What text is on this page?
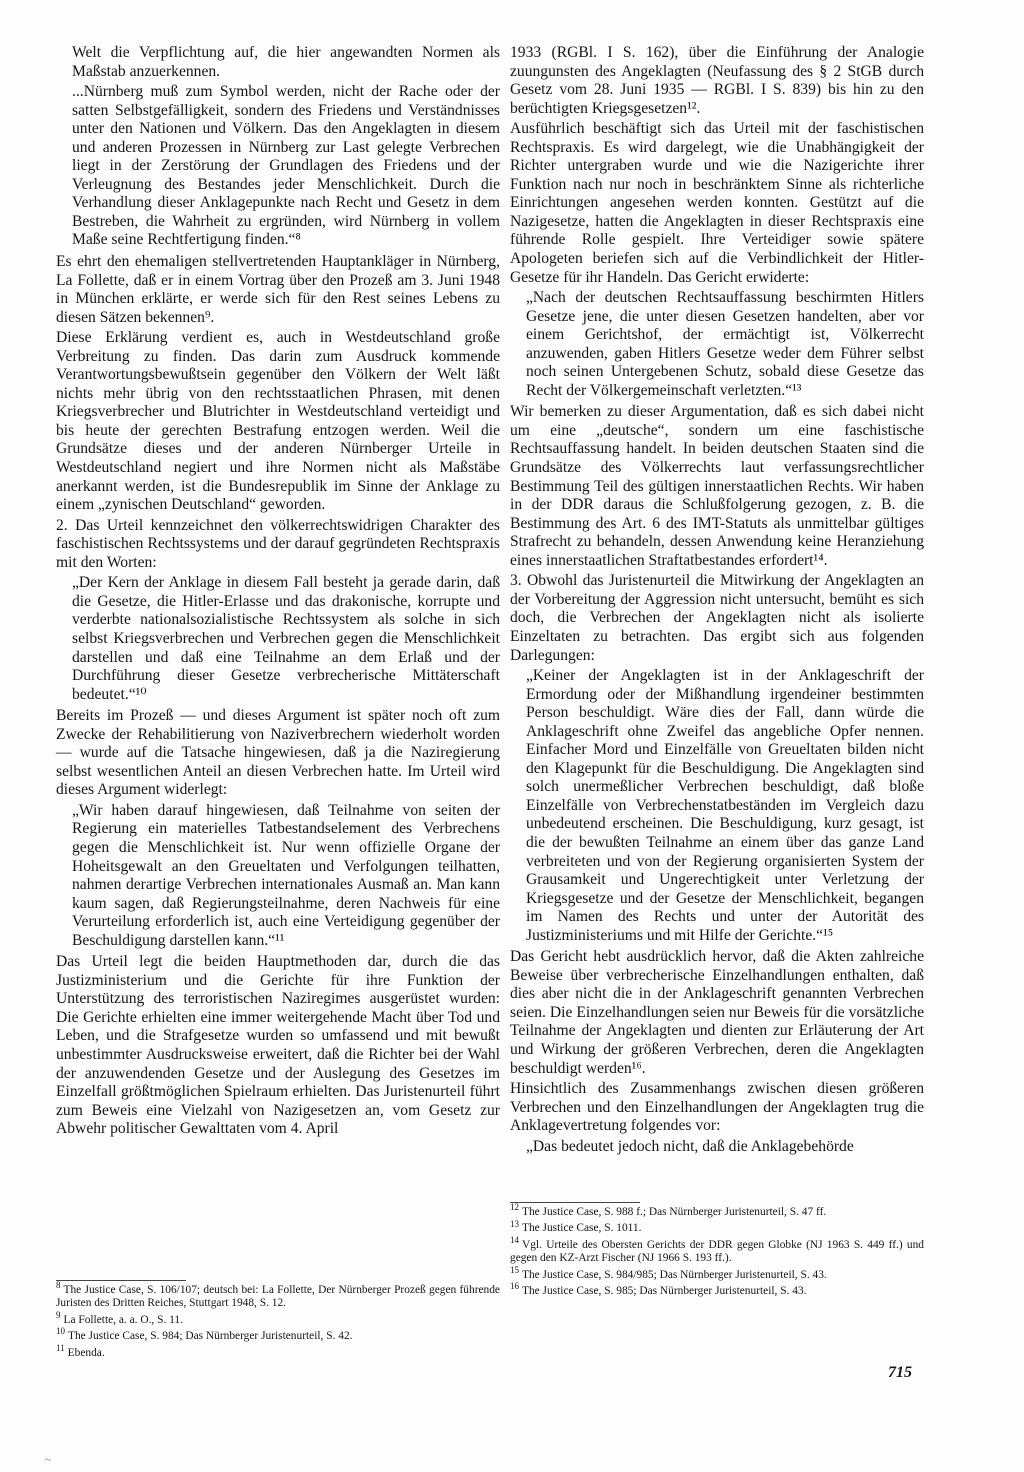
Welt die Verpflichtung auf, die hier angewandten Normen als Maßstab anzuerkennen.

...Nürnberg muß zum Symbol werden, nicht der Rache oder der satten Selbstgefälligkeit, sondern des Friedens und Verständnisses unter den Nationen und Völkern. Das den Angeklagten in diesem und anderen Prozessen in Nürnberg zur Last gelegte Verbrechen liegt in der Zerstörung der Grundlagen des Friedens und der Verleugnung des Bestandes jeder Menschlichkeit. Durch die Verhandlung dieser Anklagepunkte nach Recht und Gesetz in dem Bestreben, die Wahrheit zu ergründen, wird Nürnberg in vollem Maße seine Rechtfertigung finden.“⁸

Es ehrt den ehemaligen stellvertretenden Hauptankläger in Nürnberg, La Follette, daß er in einem Vortrag über den Prozeß am 3. Juni 1948 in München erklärte, er werde sich für den Rest seines Lebens zu diesen Sätzen bekennen⁹.

Diese Erklärung verdient es, auch in Westdeutschland große Verbreitung zu finden. Das darin zum Ausdruck kommende Verantwortungsbewußtsein gegenüber den Völkern der Welt läßt nichts mehr übrig von den rechtsstaatlichen Phrasen, mit denen Kriegsverbrecher und Blutrichter in Westdeutschland verteidigt und bis heute der gerechten Bestrafung entzogen werden. Weil die Grundsätze dieses und der anderen Nürnberger Urteile in Westdeutschland negiert und ihre Normen nicht als Maßstäbe anerkannt werden, ist die Bundesrepublik im Sinne der Anklage zu einem „zynischen Deutschland“ geworden.

2. Das Urteil kennzeichnet den völkerrechtswidrigen Charakter des faschistischen Rechtssystems und der darauf gegründeten Rechtspraxis mit den Worten:

„Der Kern der Anklage in diesem Fall besteht ja gerade darin, daß die Gesetze, die Hitler-Erlasse und das drakonische, korrupte und verderbte nationalsozialistische Rechtssystem als solche in sich selbst Kriegsverbrechen und Verbrechen gegen die Menschlichkeit darstellen und daß eine Teilnahme an dem Erlaß und der Durchführung dieser Gesetze verbrecherische Mittäterschaft bedeutet.“¹⁰

Bereits im Prozeß — und dieses Argument ist später noch oft zum Zwecke der Rehabilitierung von Naziverbrechern wiederholt worden — wurde auf die Tatsache hingewiesen, daß ja die Naziregierung selbst wesentlichen Anteil an diesen Verbrechen hatte. Im Urteil wird dieses Argument widerlegt:

„Wir haben darauf hingewiesen, daß Teilnahme von seiten der Regierung ein materielles Tatbestandselement des Verbrechens gegen die Menschlichkeit ist. Nur wenn offizielle Organe der Hoheitsgewalt an den Greueltaten und Verfolgungen teilhatten, nahmen derartige Verbrechen internationales Ausmaß an. Man kann kaum sagen, daß Regierungsteilnahme, deren Nachweis für eine Verurteilung erforderlich ist, auch eine Verteidigung gegenüber der Beschuldigung darstellen kann.“¹¹

Das Urteil legt die beiden Hauptmethoden dar, durch die das Justizministerium und die Gerichte für ihre Funktion der Unterstützung des terroristischen Naziregimes ausgerüstet wurden: Die Gerichte erhielten eine immer weitergehende Macht über Tod und Leben, und die Strafgesetze wurden so umfassend und mit bewußt unbestimmter Ausdrucksweise erweitert, daß die Richter bei der Wahl der anzuwendenden Gesetze und der Auslegung des Gesetzes im Einzelfall größtmöglichen Spielraum erhielten. Das Juristenurteil führt zum Beweis eine Vielzahl von Nazigesetzen an, vom Gesetz zur Abwehr politischer Gewalttaten vom 4. April

1933 (RGBl. I S. 162), über die Einführung der Analogie zuungunsten des Angeklagten (Neufassung des § 2 StGB durch Gesetz vom 28. Juni 1935 — RGBl. I S. 839) bis hin zu den berüchtigten Kriegsgesetzen¹².

Ausführlich beschäftigt sich das Urteil mit der faschistischen Rechtspraxis. Es wird dargelegt, wie die Unabhängigkeit der Richter untergraben wurde und wie die Nazigerichte ihrer Funktion nach nur noch in beschränktem Sinne als richterliche Einrichtungen angesehen werden konnten. Gestützt auf die Nazigesetze, hatten die Angeklagten in dieser Rechtspraxis eine führende Rolle gespielt. Ihre Verteidiger sowie spätere Apologeten beriefen sich auf die Verbindlichkeit der Hitler-Gesetze für ihr Handeln. Das Gericht erwiderte:

„Nach der deutschen Rechtsauffassung beschirmten Hitlers Gesetze jene, die unter diesen Gesetzen handelten, aber vor einem Gerichtshof, der ermächtigt ist, Völkerrecht anzuwenden, gaben Hitlers Gesetze weder dem Führer selbst noch seinen Untergebenen Schutz, sobald diese Gesetze das Recht der Völkergemeinschaft verletzten.“¹³

Wir bemerken zu dieser Argumentation, daß es sich dabei nicht um eine „deutsche“, sondern um eine faschistische Rechtsauffassung handelt. In beiden deutschen Staaten sind die Grundsätze des Völkerrechts laut verfassungsrechtlicher Bestimmung Teil des gültigen innerstaatlichen Rechts. Wir haben in der DDR daraus die Schlußfolgerung gezogen, z. B. die Bestimmung des Art. 6 des IMT-Statuts als unmittelbar gültiges Strafrecht zu behandeln, dessen Anwendung keine Heranziehung eines innerstaatlichen Straftatbestandes erfordert¹⁴.

3. Obwohl das Juristenurteil die Mitwirkung der Angeklagten an der Vorbereitung der Aggression nicht untersucht, bemüht es sich doch, die Verbrechen der Angeklagten nicht als isolierte Einzeltaten zu betrachten. Das ergibt sich aus folgenden Darlegungen:

„Keiner der Angeklagten ist in der Anklageschrift der Ermordung oder der Mißhandlung irgendeiner bestimmten Person beschuldigt. Wäre dies der Fall, dann würde die Anklageschrift ohne Zweifel das angebliche Opfer nennen. Einfacher Mord und Einzelfälle von Greueltaten bilden nicht den Klagepunkt für die Beschuldigung. Die Angeklagten sind solch unermeßlicher Verbrechen beschuldigt, daß bloße Einzelfälle von Verbrechenstatbeständen im Vergleich dazu unbedeutend erscheinen. Die Beschuldigung, kurz gesagt, ist die der bewußten Teilnahme an einem über das ganze Land verbreiteten und von der Regierung organisierten System der Grausamkeit und Ungerechtigkeit unter Verletzung der Kriegsgesetze und der Gesetze der Menschlichkeit, begangen im Namen des Rechts und unter der Autorität des Justizministeriums und mit Hilfe der Gerichte.“¹⁵

Das Gericht hebt ausdrücklich hervor, daß die Akten zahlreiche Beweise über verbrecherische Einzelhandlungen enthalten, daß dies aber nicht die in der Anklageschrift genannten Verbrechen seien. Die Einzelhandlungen seien nur Beweis für die vorsätzliche Teilnahme der Angeklagten und dienten zur Erläuterung der Art und Wirkung der größeren Verbrechen, deren die Angeklagten beschuldigt werden¹⁶.

Hinsichtlich des Zusammenhangs zwischen diesen größeren Verbrechen und den Einzelhandlungen der Angeklagten trug die Anklagevertretung folgendes vor:

„Das bedeutet jedoch nicht, daß die Anklagebehörde

$^8$ The Justice Case, S. 106/107; deutsch bei: La Follette, Der Nürnberger Prozeß gegen führende Juristen des Dritten Reiches, Stuttgart 1948, S. 12.

$^9$ La Follette, a. a. O., S. 11.

$^{10}$ The Justice Case, S. 984; Das Nürnberger Juristenurteil, S. 42.

$^{11}$ Ebenda.

$^{12}$ The Justice Case, S. 988 f.; Das Nürnberger Juristenurteil, S. 47 ff.

$^{13}$ The Justice Case, S. 1011.

$^{14}$ Vgl. Urteile des Obersten Gerichts der DDR gegen Globke (NJ 1963 S. 449 ff.) und gegen den KZ-Arzt Fischer (NJ 1966 S. 193 ff.).

$^{15}$ The Justice Case, S. 984/985; Das Nürnberger Juristenurteil, S. 43.

$^{16}$ The Justice Case, S. 985; Das Nürnberger Juristenurteil, S. 43.

715
~
